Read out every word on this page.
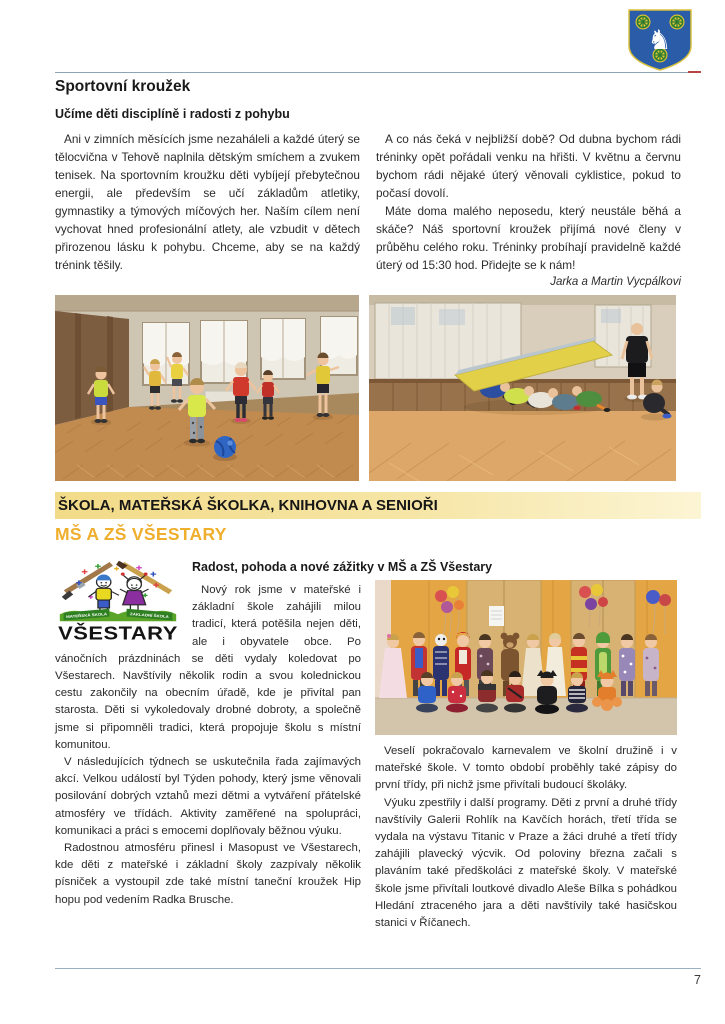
♞
Sportovní kroužek
Učíme děti disciplíně i radosti z pohybu

Ani v zimních měsících jsme nezaháleli a každé úterý se tělocvična v Tehově naplnila dětským smíchem a zvukem tenisek. Na sportovním kroužku děti vybíjejí přebytečnou energii, ale především se učí základům atletiky, gymnastiky a týmových míčových her. Naším cílem není vychovat hned profesionální atlety, ale vzbudit v dětech přirozenou lásku k pohybu. Chceme, aby se na každý trénink těšily.

A co nás čeká v nejbližší době? Od dubna bychom rádi tréninky opět pořádali venku na hřišti. V květnu a červnu bychom rádi nějaké úterý věnovali cyklistice, pokud to počasí dovolí.

Máte doma malého neposedu, který neustále běhá a skáče? Náš sportovní kroužek přijímá nové členy v průběhu celého roku. Tréninky probíhají pravidelně každé úterý od 15:30 hod. Přidejte se k nám!

Jarka a Martin Vycpálkovi
ŠKOLA, MATEŘSKÁ ŠKOLKA, KNIHOVNA A SENIOŘI
MŠ A ZŠ VŠESTARY
MATEŘSKÁ ŠKOLA	ZÁKLADNÍ ŠKOLA
VŠESTARY
Radost, pohoda a nové zážitky v MŠ a ZŠ Všestary

Nový rok jsme v mateřské i základní škole zahájili milou tradicí, která potěšila nejen děti, ale i obyvatele obce. Po vánočních prázdninách se děti vydaly koledovat po Všestarech. Navštívily několik rodin a svou kolednickou cestu zakončily na obecním úřadě, kde je přivítal pan starosta. Děti si vykoledovaly drobné dobroty, a společně jsme si připomněli tradici, která propojuje školu s místní komunitou.

V následujících týdnech se uskutečnila řada zajímavých akcí. Velkou událostí byl Týden pohody, který jsme věnovali posilování dobrých vztahů mezi dětmi a vytváření přátelské atmosféry ve třídách. Aktivity zaměřené na spolupráci, komunikaci a práci s emocemi doplňovaly běžnou výuku.

Radostnou atmosféru přinesl i Masopust ve Všestarech, kde děti z mateřské i základní školy zazpívaly několik písniček a vystoupil zde také místní taneční kroužek Hip hopu pod vedením Radka Brusche.

Veselí pokračovalo karnevalem ve školní družině i v mateřské škole. V tomto období proběhly také zápisy do první třídy, při nichž jsme přivítali budoucí školáky.

Výuku zpestřily i další programy. Děti z první a druhé třídy navštívily Galerii Rohlík na Kavčích horách, třetí třída se vydala na výstavu Titanic v Praze a žáci druhé a třetí třídy zahájili plavecký výcvik. Od poloviny března začali s plaváním také předškoláci z mateřské školy. V mateřské škole jsme přivítali loutkové divadlo Aleše Bílka s pohádkou Hledání ztraceného jara a děti navštívily také hasičskou stanici v Říčanech.

7
